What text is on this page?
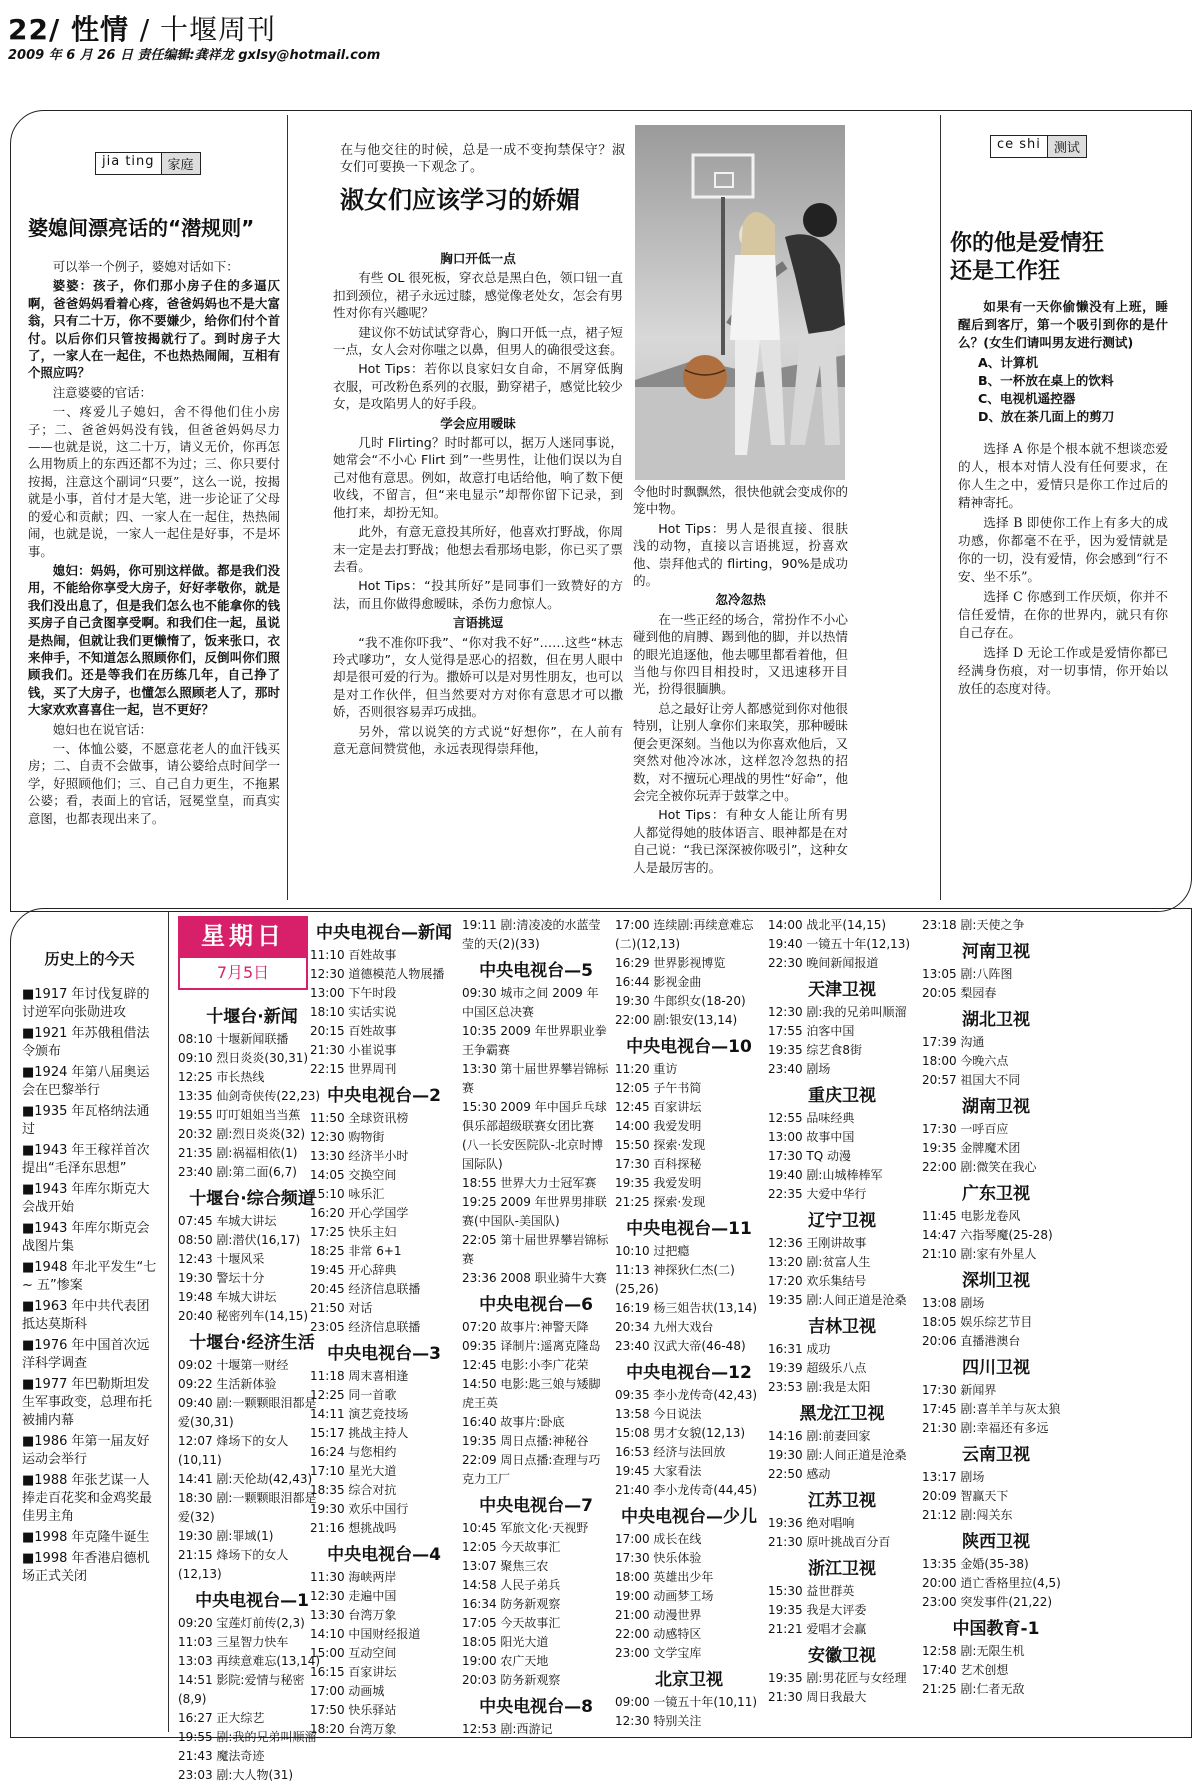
22/ 性情 / 十堰周刊
2009 年 6 月 26 日 责任编辑:龚祥龙 gxlsy@hotmail.com
jia ting	家庭
婆媳间漂亮话的“潜规则”

可以举一个例子，婆媳对话如下：

婆婆：孩子，你们那小房子住的多逼仄啊，爸爸妈妈看着心疼，爸爸妈妈也不是大富翁，只有二十万，你不要嫌少，给你们付个首付。以后你们只管按揭就行了。到时房子大了，一家人在一起住，不也热热闹闹，互相有个照应吗？

注意婆婆的官话：

一、疼爱儿子媳妇，舍不得他们住小房子；二、爸爸妈妈没有钱，但爸爸妈妈尽力——也就是说，这二十万，请义无价，你再怎么用物质上的东西还都不为过；三、你只要付按揭，注意这个副词“只要”，这么一说，按揭就是小事，首付才是大笔，进一步论证了父母的爱心和贡献；四、一家人在一起住，热热闹闹，也就是说，一家人一起住是好事，不是坏事。

媳妇：妈妈，你可别这样做。都是我们没用，不能给你享受大房子，好好孝敬你，就是我们没出息了，但是我们怎么也不能拿你的钱买房子自己贪图享受啊。和我们住一起，虽说是热闹，但就让我们更懒惰了，饭来张口，衣来伸手，不知道怎么照顾你们，反倒叫你们照顾我们。还是等我们在历练几年，自己挣了钱，买了大房子，也懂怎么照顾老人了，那时大家欢欢喜喜住一起，岂不更好？

媳妇也在说官话：

一、体恤公婆，不愿意花老人的血汗钱买房；二、自责不会做事，请公婆给点时间学一学，好照顾他们；三、自己自力更生，不拖累公婆；看，表面上的官话，冠冕堂皇，而真实意图，也都表现出来了。

在与他交往的时候，总是一成不变拘禁保守？淑女们可要换一下观念了。
淑女们应该学习的娇媚

胸口开低一点

有些 OL 很死板，穿衣总是黑白色，领口钮一直扣到颈位，裙子永远过膝，感觉像老处女，怎会有男性对你有兴趣呢？

建议你不妨试试穿背心，胸口开低一点，裙子短一点，女人会对你嗤之以鼻，但男人的确很受这套。

Hot Tips：若你以良家妇女自命，不屑穿低胸衣服，可改粉色系列的衣服，勤穿裙子，感觉比较少女，是攻陷男人的好手段。

学会应用暧昧

几时 Flirting？时时都可以，据万人迷同事说，她常会“不小心 Flirt 到”一些男性，让他们误以为自己对他有意思。例如，故意打电话给他，响了数下便收线，不留言，但“来电显示”却帮你留下记录，到他打来，却扮无知。

此外，有意无意投其所好，他喜欢打野战，你周末一定是去打野战；他想去看那场电影，你已买了票去看。

Hot Tips：“投其所好”是同事们一致赞好的方法，而且你做得愈暧昧，杀伤力愈惊人。

言语挑逗

“我不准你吓我”、“你对我不好”……这些“林志玲式嗲功”，女人觉得是恶心的招数，但在男人眼中却是很可爱的行为。撒娇可以是对男性朋友，也可以是对工作伙伴，但当然要对方对你有意思才可以撒娇，否则很容易弄巧成拙。

另外，常以说笑的方式说“好想你”，在人前有意无意间赞赏他，永远表现得崇拜他，

令他时时飘飘然，很快他就会变成你的笼中物。

Hot Tips：男人是很直接、很肤浅的动物，直接以言语挑逗，扮喜欢他、崇拜他式的 flirting，90%是成功的。

忽冷忽热

在一些正经的场合，常扮作不小心碰到他的肩膊、踢到他的脚，并以热情的眼光追逐他，他去哪里都看着他，但当他与你四目相投时，又迅速移开目光，扮得很腼腆。

总之最好让旁人都感觉到你对他很特别，让别人拿你们来取笑，那种暧昧便会更深刻。当他以为你喜欢他后，又突然对他冷冰冰，这样忽冷忽热的招数，对不擅玩心理战的男性“好命”，他会完全被你玩弄于鼓掌之中。

Hot Tips：有种女人能让所有男人都觉得她的肢体语言、眼神都是在对自己说：“我已深深被你吸引”，这种女人是最厉害的。

ce shi	测试
你的他是爱情狂
还是工作狂

如果有一天你偷懒没有上班，睡醒后到客厅，第一个吸引到你的是什么？(女生们请叫男友进行测试)

A、计算机
B、一杯放在桌上的饮料
C、电视机遥控器
D、放在茶几面上的剪刀

选择 A 你是个根本就不想谈恋爱的人，根本对情人没有任何要求，在你人生之中，爱情只是你工作过后的精神寄托。

选择 B 即使你工作上有多大的成功感，你都毫不在乎，因为爱情就是你的一切，没有爱情，你会感到“行不安、坐不乐”。

选择 C 你感到工作厌烦，你并不信任爱情，在你的世界内，就只有你自己存在。

选择 D 无论工作或是爱情你都已经满身伤痕，对一切事情，你开始以放任的态度对待。

历史上的今天
■1917 年讨伐复辟的讨逆军向张勋进攻
■1921 年苏俄租借法令颁布
■1924 年第八届奥运会在巴黎举行
■1935 年瓦格纳法通过
■1943 年王稼祥首次提出“毛泽东思想”
■1943 年库尔斯克大会战开始
■1943 年库尔斯克会战图片集
■1948 年北平发生“七 ~ 五”惨案
■1963 年中共代表团抵达莫斯科
■1976 年中国首次远洋科学调查
■1977 年巴勒斯坦发生军事政变，总理布托被捕内幕
■1986 年第一届友好运动会举行
■1988 年张艺谋一人捧走百花奖和金鸡奖最佳男主角
■1998 年克隆牛诞生
■1998 年香港启德机场正式关闭
星期日
7月5日
十堰台·新闻
08:10 十堰新闻联播
09:10 烈日炎炎(30,31)
12:25 市长热线
13:35 仙剑奇侠传(22,23)
19:55 叮叮姐姐当当蕉
20:32 剧:烈日炎炎(32)
21:35 剧:祸福相依(1)
23:40 剧:第二面(6,7)
十堰台·综合频道
07:45 车城大讲坛
08:50 剧:潜伏(16,17)
12:43 十堰风采
19:30 警坛十分
19:48 车城大讲坛
20:40 秘密列车(14,15)
十堰台·经济生活
09:02 十堰第一财经
09:22 生活新体验
09:40 剧:一颗颗眼泪都是爱(30,31)
12:07 烽场下的女人(10,11)
14:41 剧:天伦劫(42,43)
18:30 剧:一颗颗眼泪都是爱(32)
19:30 剧:罪域(1)
21:15 烽场下的女人(12,13)
中央电视台—1
09:20 宝莲灯前传(2,3)
11:03 三星智力快车
13:03 再续意难忘(13,14)
14:51 影院:爱情与秘密(8,9)
16:27 正大综艺
19:55 剧:我的兄弟叫顺溜
21:43 魔法奇迹
23:03 剧:大人物(31)
中央电视台—新闻
11:10 百姓故事
12:30 道德模范人物展播
13:00 下午时段
18:10 实话实说
20:15 百姓故事
21:30 小崔说事
22:15 世界周刊
中央电视台—2
11:50 全球资讯榜
12:30 购物街
13:30 经济半小时
14:05 交换空间
15:10 咏乐汇
16:20 开心学国学
17:25 快乐主妇
18:25 非常 6+1
19:45 开心辞典
20:45 经济信息联播
21:50 对话
23:05 经济信息联播
中央电视台—3
11:18 周末喜相逢
12:25 同一首歌
14:11 演艺竞技场
15:17 挑战主持人
16:24 与您相约
17:10 星光大道
18:35 综合对抗
19:30 欢乐中国行
21:16 想挑战吗
中央电视台—4
11:30 海峡两岸
12:30 走遍中国
13:30 台湾万象
14:10 中国财经报道
15:00 互动空间
16:15 百家讲坛
17:00 动画城
17:50 快乐驿站
18:20 台湾万象
19:11 剧:清凌凌的水蓝莹莹的天(2)(33)
中央电视台—5
09:30 城市之间 2009 年中国区总决赛
10:35 2009 年世界职业拳王争霸赛
13:30 第十届世界攀岩锦标赛
15:30 2009 年中国乒乓球俱乐部超级联赛女团比赛(八一长安医院队-北京时博国际队)
18:55 世界大力士冠军赛
19:25 2009 年世界男排联赛(中国队-美国队)
22:05 第十届世界攀岩锦标赛
23:36 2008 职业骑牛大赛
中央电视台—6
07:20 故事片:神警天降
09:35 译制片:遥离克隆岛
12:45 电影:小李广花荣
14:50 电影:匙三娘与矮脚虎王英
16:40 故事片:卧底
19:35 周日点播:神秘谷
22:09 周日点播:查理与巧克力工厂
中央电视台—7
10:45 军旅文化·天视野
12:05 今天故事汇
13:07 聚焦三农
14:58 人民子弟兵
16:34 防务新观察
17:05 今天故事汇
18:05 阳光大道
19:00 农广天地
20:03 防务新观察
中央电视台—8
12:53 剧:西游记
17:00 连续剧:再续意难忘(二)(12,13)
16:29 世界影视博览
16:44 影视金曲
19:30 牛郎织女(18-20)
22:00 剧:银安(13,14)
中央电视台—10
11:20 重访
12:05 子午书简
12:45 百家讲坛
14:00 我爱发明
15:50 探索·发现
17:30 百科探秘
19:35 我爱发明
21:25 探索·发现
中央电视台—11
10:10 过把瘾
11:13 神探狄仁杰(二)(25,26)
16:19 杨三姐告状(13,14)
20:34 九州大戏台
23:40 汉武大帝(46-48)
中央电视台—12
09:35 李小龙传奇(42,43)
13:58 今日说法
15:08 男才女貌(12,13)
16:53 经济与法回放
19:45 大家看法
21:40 李小龙传奇(44,45)
中央电视台—少儿
17:00 成长在线
17:30 快乐体验
18:00 英雄出少年
19:00 动画梦工场
21:00 动漫世界
22:00 动感特区
23:00 文学宝库
北京卫视
09:00 一镜五十年(10,11)
12:30 特别关注
14:00 战北平(14,15)
19:40 一镜五十年(12,13)
22:30 晚间新闻报道
天津卫视
12:30 剧:我的兄弟叫顺溜
17:55 泊客中国
19:35 综艺食8街
23:40 剧场
重庆卫视
12:55 品味经典
13:00 故事中国
17:30 TQ 动漫
19:40 剧:山城棒棒军
22:35 大爱中华行
辽宁卫视
12:36 王刚讲故事
13:20 剧:贫富人生
17:20 欢乐集结号
19:35 剧:人间正道是沧桑
吉林卫视
16:31 成功
19:39 超级乐八点
23:53 剧:我是太阳
黑龙江卫视
14:16 剧:前妻回家
19:30 剧:人间正道是沧桑
22:50 感动
江苏卫视
19:36 绝对唱响
21:30 原叶挑战百分百
浙江卫视
15:30 益世群英
19:35 我是大评委
21:21 爱唱才会赢
安徽卫视
19:35 剧:男花匠与女经理
21:30 周日我最大
23:18 剧:天使之争
河南卫视
13:05 剧:八阵图
20:05 梨园春
湖北卫视
17:39 沟通
18:00 今晚六点
20:57 祖国大不同
湖南卫视
17:30 一呼百应
19:35 金牌魔术团
22:00 剧:微笑在我心
广东卫视
11:45 电影龙卷风
14:47 六指琴魔(25-28)
21:10 剧:家有外星人
深圳卫视
13:08 剧场
18:05 娱乐综艺节目
20:06 直播港澳台
四川卫视
17:30 新闻界
17:45 剧:喜羊羊与灰太狼
21:30 剧:幸福还有多远
云南卫视
13:17 剧场
20:09 智赢天下
21:12 剧:闯关东
陕西卫视
13:35 金婚(35-38)
20:00 逍亡香格里拉(4,5)
23:00 突发事件(21,22)
中国教育-1
12:58 剧:无限生机
17:40 艺术创想
21:25 剧:仁者无敌
